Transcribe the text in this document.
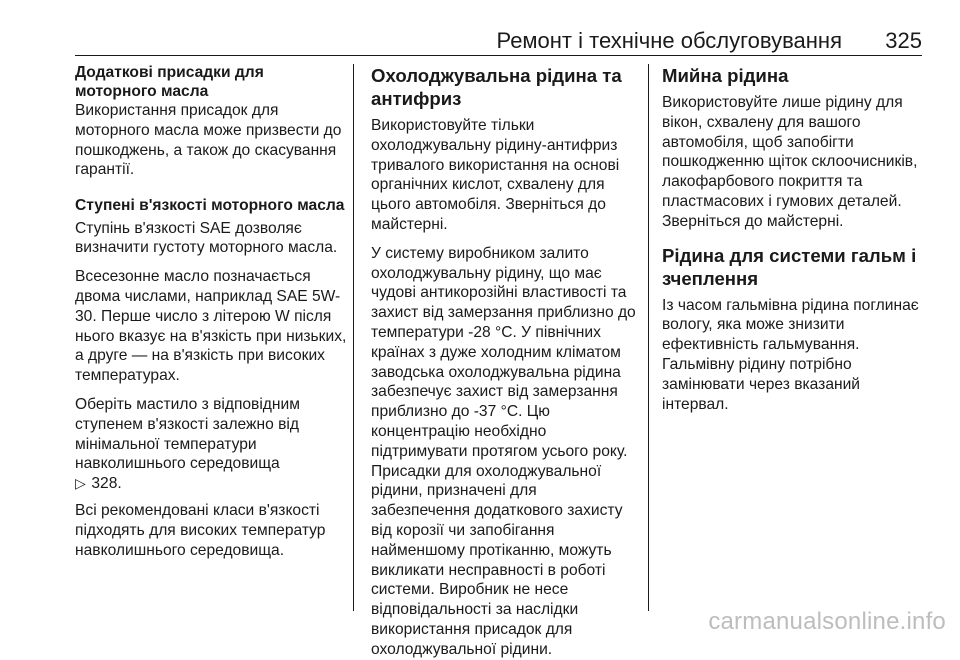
Ремонт і технічне обслуговування 325
Додаткові присадки для моторного масла

Використання присадок для моторного масла може призвести до пошкоджень, а також до скасування гарантії.

Ступені в'язкості моторного масла

Ступінь в'язкості SAE дозволяє визначити густоту моторного масла.

Всесезонне масло позначається двома числами, наприклад SAE 5W-30. Перше число з літерою W після нього вказує на в'язкість при низьких, а друге — на в'язкість при високих температурах.

Оберіть мастило з відповідним ступенем в'язкості залежно від мінімальної температури навколишнього середовища
▷ 328.

Всі рекомендовані класи в'язкості підходять для високих температур навколишнього середовища.

Охолоджувальна рідина та антифриз

Використовуйте тільки охолоджувальну рідину-антифриз тривалого використання на основі органічних кислот, схвалену для цього автомобіля. Зверніться до майстерні.

У систему виробником залито охолоджувальну рідину, що має чудові антикорозійні властивості та захист від замерзання приблизно до температури -28 °C. У північних країнах з дуже холодним кліматом заводська охолоджувальна рідина забезпечує захист від замерзання приблизно до -37 °C. Цю концентрацію необхідно підтримувати протягом усього року. Присадки для охолоджувальної рідини, призначені для забезпечення додаткового захисту від корозії чи запобігання найменшому протіканню, можуть викликати несправності в роботі системи. Виробник не несе відповідальності за наслідки використання присадок для охолоджувальної рідини.

Мийна рідина

Використовуйте лише рідину для вікон, схвалену для вашого автомобіля, щоб запобігти пошкодженню щіток склоочисників, лакофарбового покриття та пластмасових і гумових деталей. Зверніться до майстерні.

Рідина для системи гальм і зчеплення

Із часом гальмівна рідина поглинає вологу, яка може знизити ефективність гальмування. Гальмівну рідину потрібно замінювати через вказаний інтервал.

carmanualsonline.info
